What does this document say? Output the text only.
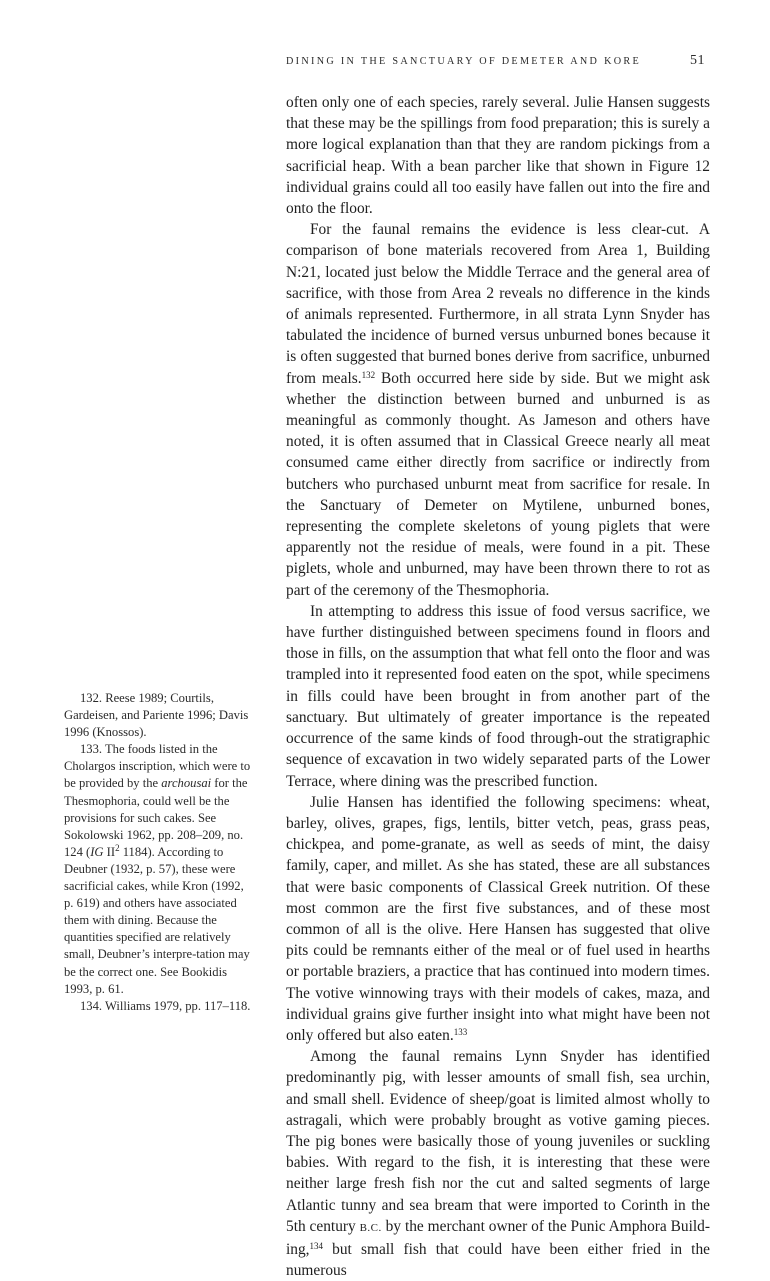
DINING IN THE SANCTUARY OF DEMETER AND KORE	51

often only one of each species, rarely several. Julie Hansen suggests that these may be the spillings from food preparation; this is surely a more logical explanation than that they are random pickings from a sacrificial heap. With a bean parcher like that shown in Figure 12 individual grains could all too easily have fallen out into the fire and onto the floor.

For the faunal remains the evidence is less clear-cut. A comparison of bone materials recovered from Area 1, Building N:21, located just below the Middle Terrace and the general area of sacrifice, with those from Area 2 reveals no difference in the kinds of animals represented. Furthermore, in all strata Lynn Snyder has tabulated the incidence of burned versus unburned bones because it is often suggested that burned bones derive from sacrifice, unburned from meals.$^{132}$ Both occurred here side by side. But we might ask whether the distinction between burned and unburned is as meaningful as commonly thought. As Jameson and others have noted, it is often assumed that in Classical Greece nearly all meat consumed came either directly from sacrifice or indirectly from butchers who purchased unburnt meat from sacrifice for resale. In the Sanctuary of Demeter on Mytilene, unburned bones, representing the complete skeletons of young piglets that were apparently not the residue of meals, were found in a pit. These piglets, whole and unburned, may have been thrown there to rot as part of the ceremony of the Thesmophoria.

In attempting to address this issue of food versus sacrifice, we have further distinguished between specimens found in floors and those in fills, on the assumption that what fell onto the floor and was trampled into it represented food eaten on the spot, while specimens in fills could have been brought in from another part of the sanctuary. But ultimately of greater importance is the repeated occurrence of the same kinds of food through-out the stratigraphic sequence of excavation in two widely separated parts of the Lower Terrace, where dining was the prescribed function.

Julie Hansen has identified the following specimens: wheat, barley, olives, grapes, figs, lentils, bitter vetch, peas, grass peas, chickpea, and pome-granate, as well as seeds of mint, the daisy family, caper, and millet. As she has stated, these are all substances that were basic components of Classical Greek nutrition. Of these most common are the first five substances, and of these most common of all is the olive. Here Hansen has suggested that olive pits could be remnants either of the meal or of fuel used in hearths or portable braziers, a practice that has continued into modern times. The votive winnowing trays with their models of cakes, maza, and individual grains give further insight into what might have been not only offered but also eaten.$^{133}$

Among the faunal remains Lynn Snyder has identified predominantly pig, with lesser amounts of small fish, sea urchin, and small shell. Evidence of sheep/goat is limited almost wholly to astragali, which were probably brought as votive gaming pieces. The pig bones were basically those of young juveniles or suckling babies. With regard to the fish, it is interesting that these were neither large fresh fish nor the cut and salted segments of large Atlantic tunny and sea bream that were imported to Corinth in the 5th century B.C. by the merchant owner of the Punic Amphora Build-ing,$^{134}$ but small fish that could have been either fried in the numerous

132. Reese 1989; Courtils, Gardeisen, and Pariente 1996; Davis 1996 (Knossos).

133. The foods listed in the Cholargos inscription, which were to be provided by the archousai for the Thesmophoria, could well be the provisions for such cakes. See Sokolowski 1962, pp. 208–209, no. 124 (IG $II^2$ 1184). According to Deubner (1932, p. 57), these were sacrificial cakes, while Kron (1992, p. 619) and others have associated them with dining. Because the quantities specified are relatively small, Deubner’s interpre-tation may be the correct one. See Bookidis 1993, p. 61.

134. Williams 1979, pp. 117–118.
